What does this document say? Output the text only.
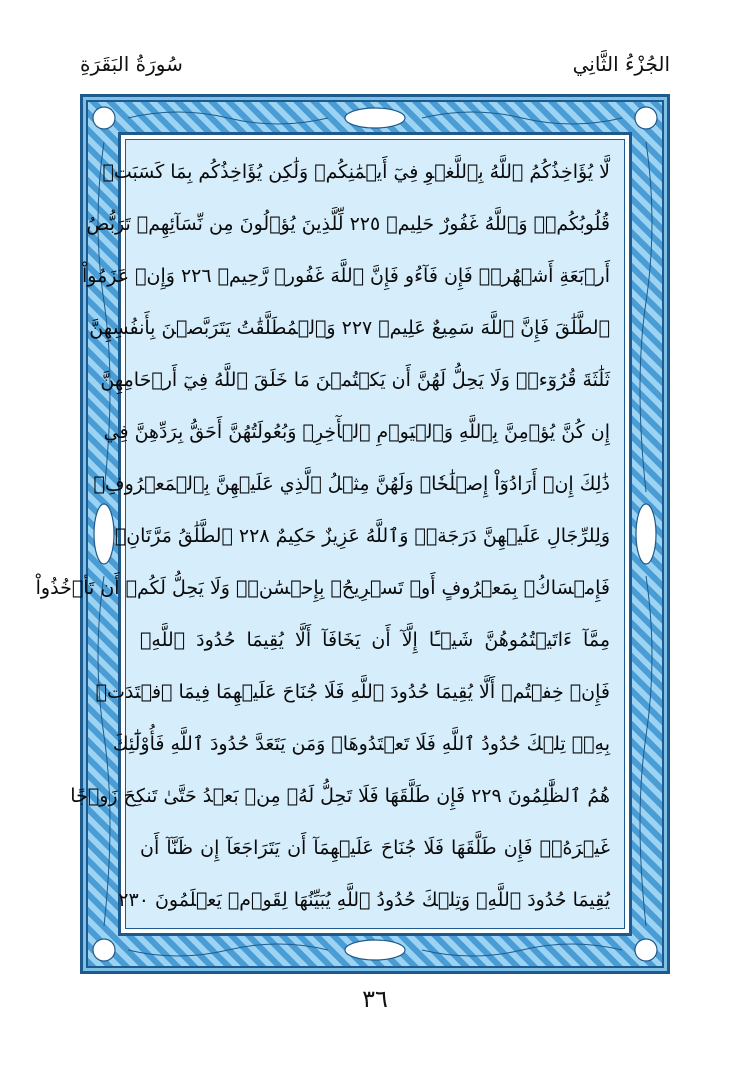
سُورَةُ البَقَرَةِ	الجُزْءُ الثَّانِي
لَّا يُؤَاخِذُكُمُ ٱللَّهُ بِٱللَّغۡوِ فِيٓ أَيۡمَٰنِكُمۡ وَلَٰكِن يُؤَاخِذُكُم بِمَا كَسَبَتۡ
قُلُوبُكُمۡۗ وَٱللَّهُ غَفُورٌ حَلِيمٞ ٢٢٥ لِّلَّذِينَ يُؤۡلُونَ مِن نِّسَآئِهِمۡ تَرَبُّصُ
أَرۡبَعَةِ أَشۡهُرٖۖ فَإِن فَآءُو فَإِنَّ ٱللَّهَ غَفُورٞ رَّحِيمٞ ٢٢٦ وَإِنۡ عَزَمُواْ
ٱلطَّلَٰقَ فَإِنَّ ٱللَّهَ سَمِيعٌ عَلِيمٞ ٢٢٧ وَٱلۡمُطَلَّقَٰتُ يَتَرَبَّصۡنَ بِأَنفُسِهِنَّ
ثَلَٰثَةَ قُرُوٓءٖۚ وَلَا يَحِلُّ لَهُنَّ أَن يَكۡتُمۡنَ مَا خَلَقَ ٱللَّهُ فِيٓ أَرۡحَامِهِنَّ
إِن كُنَّ يُؤۡمِنَّ بِٱللَّهِ وَٱلۡيَوۡمِ ٱلۡأٓخِرِۚ وَبُعُولَتُهُنَّ أَحَقُّ بِرَدِّهِنَّ فِي
ذَٰلِكَ إِنۡ أَرَادُوٓاْ إِصۡلَٰحٗاۚ وَلَهُنَّ مِثۡلُ ٱلَّذِي عَلَيۡهِنَّ بِٱلۡمَعۡرُوفِۚ
وَلِلرِّجَالِ عَلَيۡهِنَّ دَرَجَةٞۗ وَٱللَّهُ عَزِيزٌ حَكِيمٌ ٢٢٨ ٱلطَّلَٰقُ مَرَّتَانِۖ
فَإِمۡسَاكُۢ بِمَعۡرُوفٍ أَوۡ تَسۡرِيحُۢ بِإِحۡسَٰنٖۗ وَلَا يَحِلُّ لَكُمۡ أَن تَأۡخُذُواْ
مِمَّآ ءَاتَيۡتُمُوهُنَّ شَيۡـًٔا إِلَّآ أَن يَخَافَآ أَلَّا يُقِيمَا حُدُودَ ٱللَّهِۖ
فَإِنۡ خِفۡتُمۡ أَلَّا يُقِيمَا حُدُودَ ٱللَّهِ فَلَا جُنَاحَ عَلَيۡهِمَا فِيمَا ٱفۡتَدَتۡ
بِهِۦۗ تِلۡكَ حُدُودُ ٱللَّهِ فَلَا تَعۡتَدُوهَاۚ وَمَن يَتَعَدَّ حُدُودَ ٱللَّهِ فَأُوْلَٰٓئِكَ
هُمُ ٱلظَّٰلِمُونَ ٢٢٩ فَإِن طَلَّقَهَا فَلَا تَحِلُّ لَهُۥ مِنۢ بَعۡدُ حَتَّىٰ تَنكِحَ زَوۡجًا
غَيۡرَهُۥۗ فَإِن طَلَّقَهَا فَلَا جُنَاحَ عَلَيۡهِمَآ أَن يَتَرَاجَعَآ إِن ظَنَّآ أَن
يُقِيمَا حُدُودَ ٱللَّهِۗ وَتِلۡكَ حُدُودُ ٱللَّهِ يُبَيِّنُهَا لِقَوۡمٖ يَعۡلَمُونَ ٢٣٠
٣٦
